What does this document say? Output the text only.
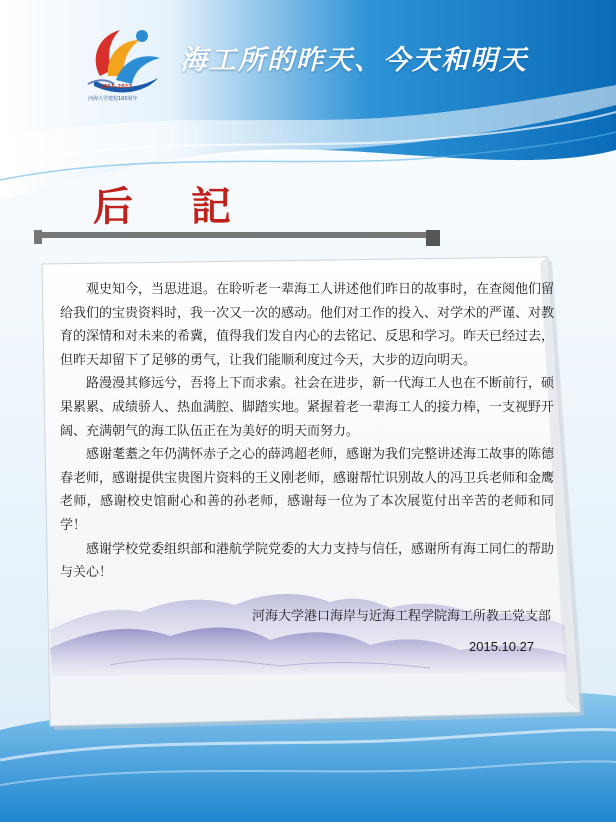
1915-2015
河海大学建校100周年
海工所的昨天、今天和明天
后 記

观史知今，当思进退。在聆听老一辈海工人讲述他们昨日的故事时，在查阅他们留给我们的宝贵资料时，我一次又一次的感动。他们对工作的投入、对学术的严谨、对教育的深情和对未来的希冀，值得我们发自内心的去铭记、反思和学习。昨天已经过去，但昨天却留下了足够的勇气，让我们能顺利度过今天，大步的迈向明天。

路漫漫其修远兮，吾将上下而求索。社会在进步，新一代海工人也在不断前行，硕果累累、成绩骄人、热血满腔、脚踏实地。紧握着老一辈海工人的接力棒，一支视野开阔、充满朝气的海工队伍正在为美好的明天而努力。

感谢耄耋之年仍满怀赤子之心的薛鸿超老师，感谢为我们完整讲述海工故事的陈德春老师，感谢提供宝贵图片资料的王义刚老师，感谢帮忙识别故人的冯卫兵老师和金鹰老师，感谢校史馆耐心和善的孙老师，感谢每一位为了本次展览付出辛苦的老师和同学！

感谢学校党委组织部和港航学院党委的大力支持与信任，感谢所有海工同仁的帮助与关心！

河海大学港口海岸与近海工程学院海工所教工党支部
2015.10.27
